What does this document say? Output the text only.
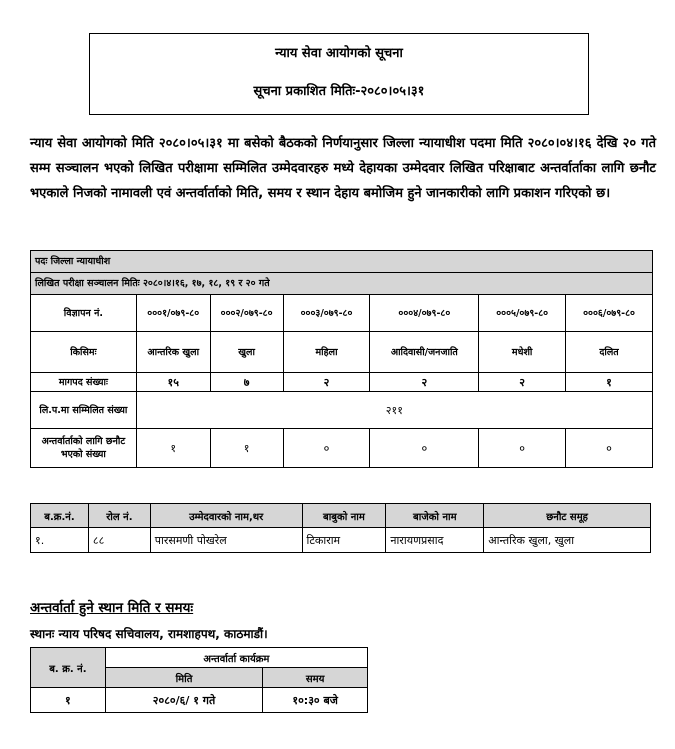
न्याय सेवा आयोगको सूचना
सूचना प्रकाशित मितिः-२०८०।०५।३१
न्याय सेवा आयोगको मिति २०८०।०५।३१ मा बसेको बैठकको निर्णयानुसार जिल्ला न्यायाधीश पदमा मिति २०८०।०४।१६ देखि २० गते सम्म सञ्चालन भएको लिखित परीक्षामा सम्मिलित उम्मेदवारहरु मध्ये देहायका उम्मेदवार लिखित परिक्षाबाट अन्तर्वार्ताका लागि छनौट भएकाले निजको नामावली एवं अन्तर्वार्ताको मिति, समय र स्थान देहाय बमोजिम हुने जानकारीको लागि प्रकाशन गरिएको छ।
पदः जिल्ला न्यायाधीश						
लिखित परीक्षा सञ्चालन मितिः २०८०।४।१६, १७, १८, १९ र २० गते						
विज्ञापन नं.	०००१/०७९-८०	०००२/०७९-८०	०००३/०७९-८०	०००४/०७९-८०	०००५/०७९-८०	०००६/०७९-८०
किसिमः	आन्तरिक खुला	खुला	महिला	आदिवासी/जनजाति	मधेशी	दलित
मागपद संख्याः	१५	७	२	२	२	१
लि.प.मा सम्मिलित संख्या	२११					
अन्तर्वार्ताको लागि छनौट भएको संख्या	१	१	०	०	०	०
ब.क्र.नं.	रोल नं.	उम्मेदवारको नाम,थर	बाबुको नाम	बाजेको नाम	छनौट समूह
१.	८८	पारसमणी पोखरेल	टिकाराम	नारायणप्रसाद	आन्तरिक खुला, खुला
अन्तर्वार्ता हुने स्थान मिति र समयः
स्थानः न्याय परिषद सचिवालय, रामशाहपथ, काठमाडौं।
ब. क्र. नं.	अन्तर्वार्ता कार्यक्रम	
	मिति	समय
१	२०८०/६/ १ गते	१०:३० बजे
